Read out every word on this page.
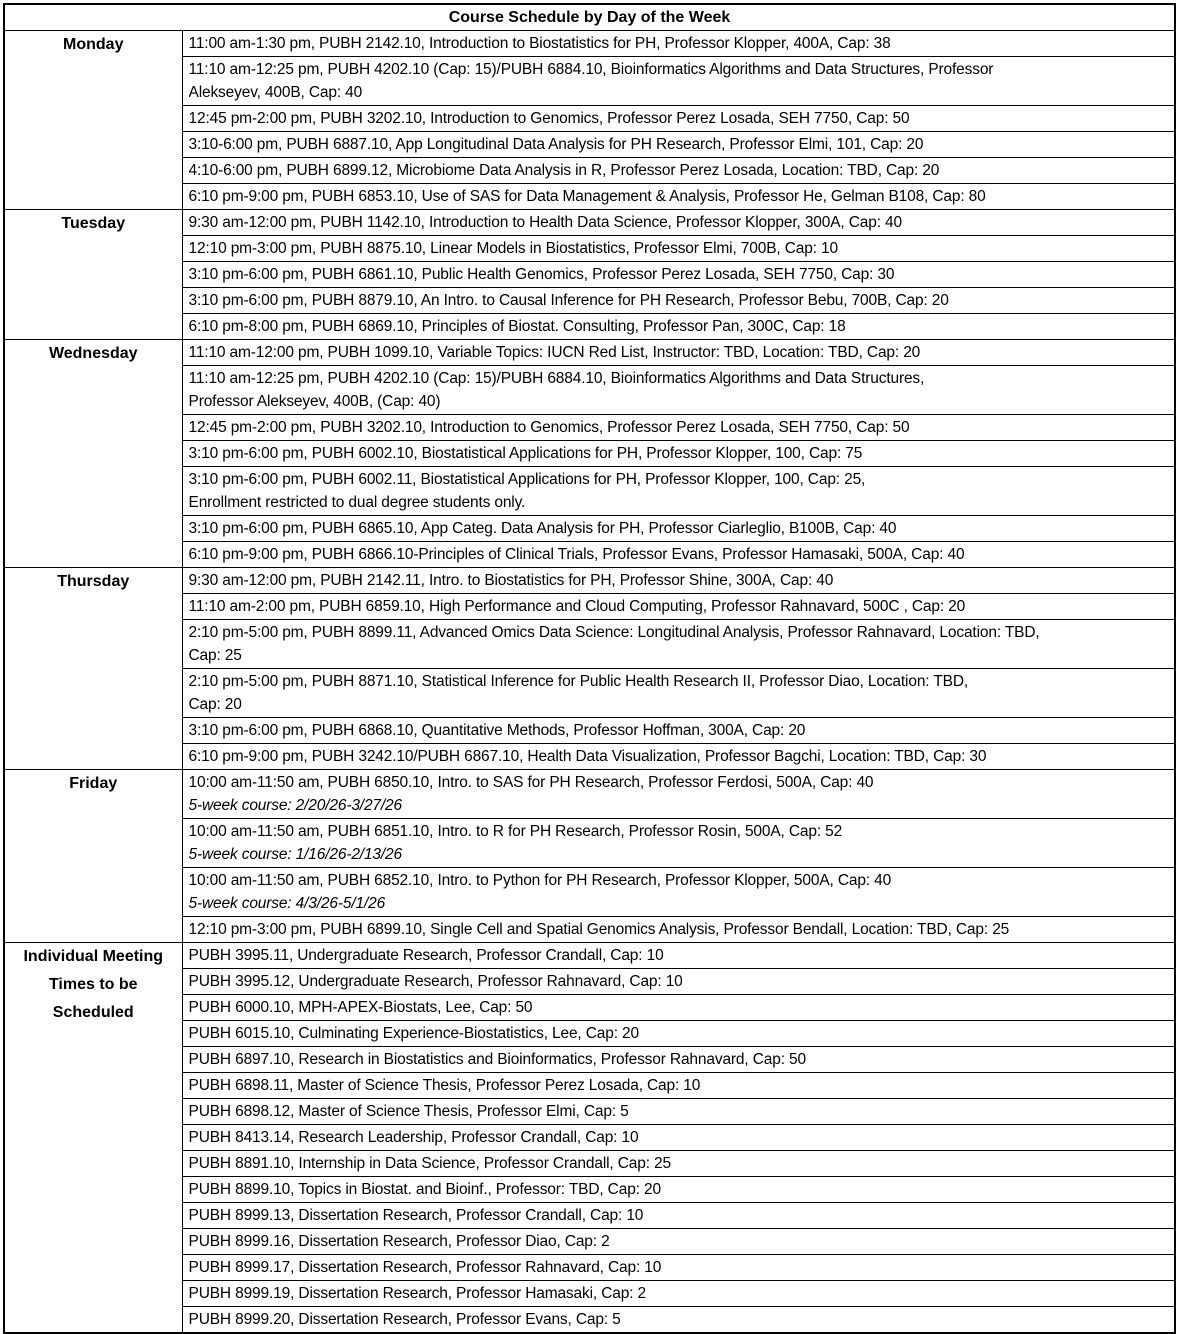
Course Schedule by Day of the Week	

Monday	11:00 am-1:30 pm, PUBH 2142.10, Introduction to Biostatistics for PH, Professor Klopper, 400A, Cap: 38

	11:10 am-12:25 pm, PUBH 4202.10 (Cap: 15)/PUBH 6884.10, Bioinformatics Algorithms and Data Structures, Professor
Alekseyev, 400B, Cap: 40

	12:45 pm-2:00 pm, PUBH 3202.10, Introduction to Genomics, Professor Perez Losada, SEH 7750, Cap: 50

	3:10-6:00 pm, PUBH 6887.10, App Longitudinal Data Analysis for PH Research, Professor Elmi, 101, Cap: 20

	4:10-6:00 pm, PUBH 6899.12, Microbiome Data Analysis in R, Professor Perez Losada, Location: TBD, Cap: 20

	6:10 pm-9:00 pm, PUBH 6853.10, Use of SAS for Data Management & Analysis, Professor He, Gelman B108, Cap: 80

Tuesday	9:30 am-12:00 pm, PUBH 1142.10, Introduction to Health Data Science, Professor Klopper, 300A, Cap: 40

	12:10 pm-3:00 pm, PUBH 8875.10, Linear Models in Biostatistics, Professor Elmi, 700B, Cap: 10

	3:10 pm-6:00 pm, PUBH 6861.10, Public Health Genomics, Professor Perez Losada, SEH 7750, Cap: 30

	3:10 pm-6:00 pm, PUBH 8879.10, An Intro. to Causal Inference for PH Research, Professor Bebu, 700B, Cap: 20

	6:10 pm-8:00 pm, PUBH 6869.10, Principles of Biostat. Consulting, Professor Pan, 300C, Cap: 18

Wednesday	11:10 am-12:00 pm, PUBH 1099.10, Variable Topics: IUCN Red List, Instructor: TBD, Location: TBD, Cap: 20

	11:10 am-12:25 pm, PUBH 4202.10 (Cap: 15)/PUBH 6884.10, Bioinformatics Algorithms and Data Structures,
Professor Alekseyev, 400B, (Cap: 40)

	12:45 pm-2:00 pm, PUBH 3202.10, Introduction to Genomics, Professor Perez Losada, SEH 7750, Cap: 50

	3:10 pm-6:00 pm, PUBH 6002.10, Biostatistical Applications for PH, Professor Klopper, 100, Cap: 75

	3:10 pm-6:00 pm, PUBH 6002.11, Biostatistical Applications for PH, Professor Klopper, 100, Cap: 25,
Enrollment restricted to dual degree students only.

	3:10 pm-6:00 pm, PUBH 6865.10, App Categ. Data Analysis for PH, Professor Ciarleglio, B100B, Cap: 40

	6:10 pm-9:00 pm, PUBH 6866.10-Principles of Clinical Trials, Professor Evans, Professor Hamasaki, 500A, Cap: 40

Thursday	9:30 am-12:00 pm, PUBH 2142.11, Intro. to Biostatistics for PH, Professor Shine, 300A, Cap: 40

	11:10 am-2:00 pm, PUBH 6859.10, High Performance and Cloud Computing, Professor Rahnavard, 500C , Cap: 20

	2:10 pm-5:00 pm, PUBH 8899.11, Advanced Omics Data Science: Longitudinal Analysis, Professor Rahnavard, Location: TBD,
Cap: 25

	2:10 pm-5:00 pm, PUBH 8871.10, Statistical Inference for Public Health Research II, Professor Diao, Location: TBD,
Cap: 20

	3:10 pm-6:00 pm, PUBH 6868.10, Quantitative Methods, Professor Hoffman, 300A, Cap: 20

	6:10 pm-9:00 pm, PUBH 3242.10/PUBH 6867.10, Health Data Visualization, Professor Bagchi, Location: TBD, Cap: 30

Friday	10:00 am-11:50 am, PUBH 6850.10, Intro. to SAS for PH Research, Professor Ferdosi, 500A, Cap: 40
5-week course: 2/20/26-3/27/26

	10:00 am-11:50 am, PUBH 6851.10, Intro. to R for PH Research, Professor Rosin, 500A, Cap: 52
5-week course: 1/16/26-2/13/26

	10:00 am-11:50 am, PUBH 6852.10, Intro. to Python for PH Research, Professor Klopper, 500A, Cap: 40
5-week course: 4/3/26-5/1/26

	12:10 pm-3:00 pm, PUBH 6899.10, Single Cell and Spatial Genomics Analysis, Professor Bendall, Location: TBD, Cap: 25

Individual Meeting
Times to be
Scheduled	PUBH 3995.11, Undergraduate Research, Professor Crandall, Cap: 10

	PUBH 3995.12, Undergraduate Research, Professor Rahnavard, Cap: 10

	PUBH 6000.10, MPH-APEX-Biostats, Lee, Cap: 50

	PUBH 6015.10, Culminating Experience-Biostatistics, Lee, Cap: 20

	PUBH 6897.10, Research in Biostatistics and Bioinformatics, Professor Rahnavard, Cap: 50

	PUBH 6898.11, Master of Science Thesis, Professor Perez Losada, Cap: 10

	PUBH 6898.12, Master of Science Thesis, Professor Elmi, Cap: 5

	PUBH 8413.14, Research Leadership, Professor Crandall, Cap: 10

	PUBH 8891.10, Internship in Data Science, Professor Crandall, Cap: 25

	PUBH 8899.10, Topics in Biostat. and Bioinf., Professor: TBD, Cap: 20

	PUBH 8999.13, Dissertation Research, Professor Crandall, Cap: 10

	PUBH 8999.16, Dissertation Research, Professor Diao, Cap: 2

	PUBH 8999.17, Dissertation Research, Professor Rahnavard, Cap: 10

	PUBH 8999.19, Dissertation Research, Professor Hamasaki, Cap: 2

	PUBH 8999.20, Dissertation Research, Professor Evans, Cap: 5
